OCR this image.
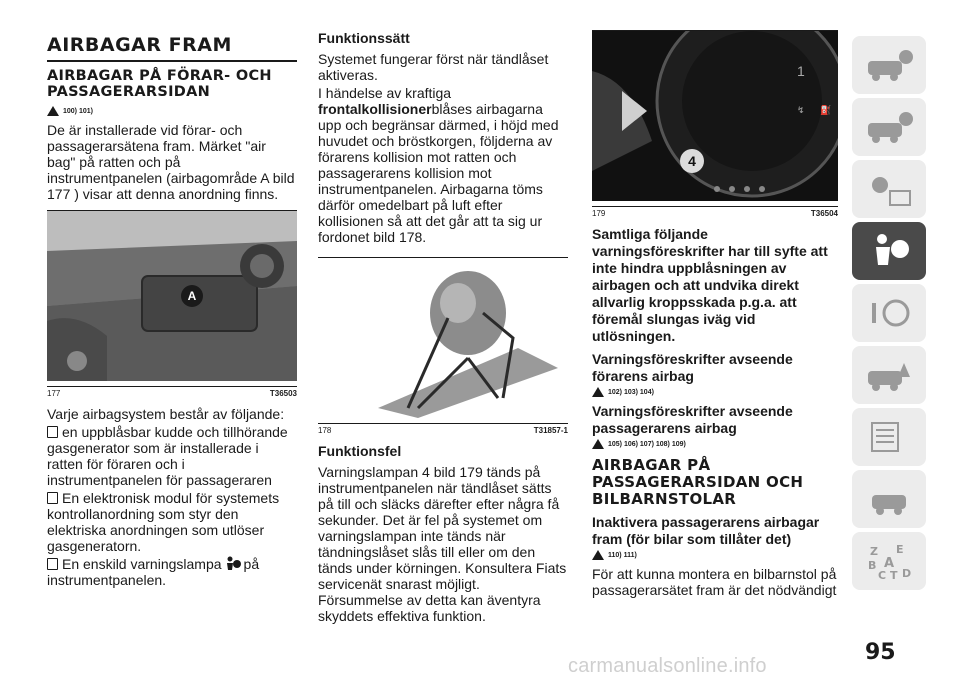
AIRBAGAR FRAM
AIRBAGAR PÅ FÖRAR- OCH PASSAGERARSIDAN
100) 101)

De är installerade vid förar- och passagerarsätena fram. Märket "air bag" på ratten och på instrumentpanelen (airbagområde A bild 177 ) visar att denna anordning finns.

A
177	T36503

Varje airbagsystem består av följande:

en uppblåsbar kudde och tillhörande gasgenerator som är installerade i ratten för föraren och i instrumentpanelen för passageraren

En elektronisk modul för systemets kontrollanordning som styr den elektriska anordningen som utlöser gasgeneratorn.

En enskild varningslampa på instrumentpanelen.

Funktionssätt

Systemet fungerar först när tändlåset aktiveras.

I händelse av kraftiga
frontalkollisionerblåses airbagarna upp och begränsar därmed, i höjd med huvudet och bröstkorgen, följderna av förarens kollision mot ratten och passagerarens kollision mot instrumentpanelen. Airbagarna töms därför omedelbart på luft efter kollisionen så att det går att ta sig ur fordonet bild 178.

178	T31857-1
Funktionsfel

Varningslampan 4 bild 179 tänds på instrumentpanelen när tändlåset sätts på till och släcks därefter efter några få sekunder. Det är fel på systemet om varningslampan inte tänds när tändningslåset slås till eller om den tänds under körningen. Konsultera Fiats servicenät snarast möjligt. Försummelse av detta kan äventyra skyddets effektiva funktion.

4
1
↯ ⛽
179	T36504
Samtliga följande varningsföreskrifter har till syfte att inte hindra uppblåsningen av airbagen och att undvika direkt allvarlig kroppsskada p.g.a. att föremål slungas iväg vid utlösningen.
Varningsföreskrifter avseende förarens airbag
102) 103) 104)
Varningsföreskrifter avseende passagerarens airbag
105) 106) 107) 108) 109)
AIRBAGAR PÅ PASSAGERARSIDAN OCH BILBARNSTOLAR
Inaktivera passagerarens airbagar fram (för bilar som tillåter det)
110) 111)

För att kunna montera en bilbarnstol på passagerarsätet fram är det nödvändigt

Z E
B A
C T D
95
carmanualsonline.info
